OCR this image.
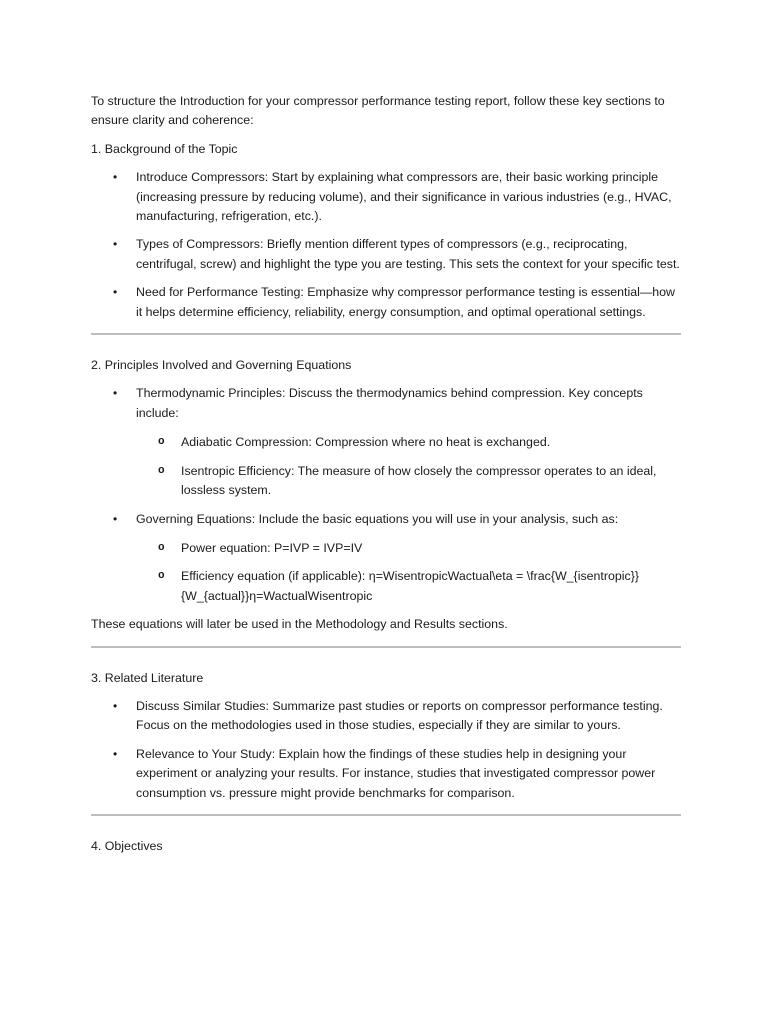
To structure the Introduction for your compressor performance testing report, follow these key sections to ensure clarity and coherence:

1. Background of the Topic

• Introduce Compressors: Start by explaining what compressors are, their basic working principle (increasing pressure by reducing volume), and their significance in various industries (e.g., HVAC, manufacturing, refrigeration, etc.).
• Types of Compressors: Briefly mention different types of compressors (e.g., reciprocating, centrifugal, screw) and highlight the type you are testing. This sets the context for your specific test.
• Need for Performance Testing: Emphasize why compressor performance testing is essential—how it helps determine efficiency, reliability, energy consumption, and optimal operational settings.

2. Principles Involved and Governing Equations

• Thermodynamic Principles: Discuss the thermodynamics behind compression. Key concepts include:
o Adiabatic Compression: Compression where no heat is exchanged.
o Isentropic Efficiency: The measure of how closely the compressor operates to an ideal, lossless system.
• Governing Equations: Include the basic equations you will use in your analysis, such as:
o Power equation: P=IVP = IVP=IV
o Efficiency equation (if applicable): η=WisentropicWactual\eta = \frac{W_{isentropic}}{W_{actual}}η=WactualWisentropic

These equations will later be used in the Methodology and Results sections.

3. Related Literature

• Discuss Similar Studies: Summarize past studies or reports on compressor performance testing. Focus on the methodologies used in those studies, especially if they are similar to yours.
• Relevance to Your Study: Explain how the findings of these studies help in designing your experiment or analyzing your results. For instance, studies that investigated compressor power consumption vs. pressure might provide benchmarks for comparison.

4. Objectives
